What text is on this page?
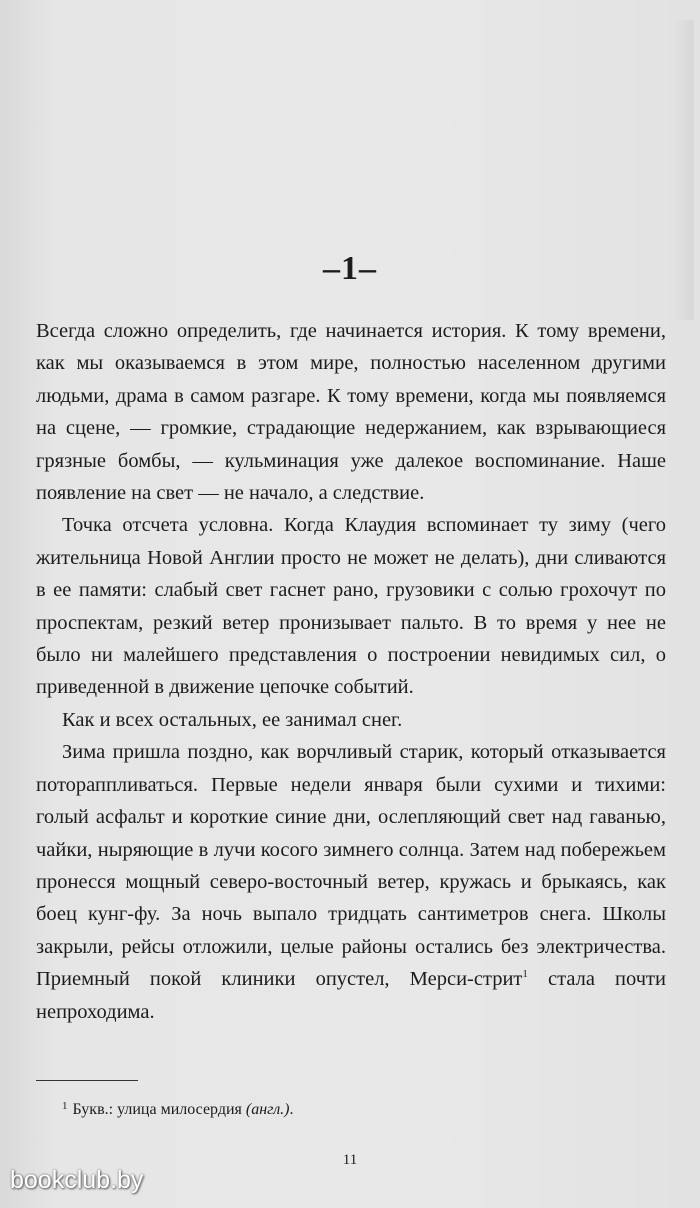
–1–

Всегда сложно определить, где начинается история. К тому времени, как мы оказываемся в этом мире, полностью населенном другими людьми, драма в самом разгаре. К тому времени, когда мы появляемся на сцене, — громкие, страдающие недержанием, как взрывающиеся грязные бомбы, — кульминация уже далекое воспоминание. Наше появление на свет — не начало, а следствие.

Точка отсчета условна. Когда Клаудия вспоминает ту зиму (чего жительница Новой Англии просто не может не делать), дни сливаются в ее памяти: слабый свет гаснет рано, грузовики с солью грохочут по проспектам, резкий ветер пронизывает пальто. В то время у нее не было ни малейшего представления о построении невидимых сил, о приведенной в движение цепочке событий.

Как и всех остальных, ее занимал снег.

Зима пришла поздно, как ворчливый старик, который отказывается потораппливаться. Первые недели января были сухими и тихими: голый асфальт и короткие синие дни, ослепляющий свет над гаванью, чайки, ныряющие в лучи косого зимнего солнца. Затем над побережьем пронесся мощный северо-восточный ветер, кружась и брыкаясь, как боец кунг-фу. За ночь выпало тридцать сантиметров снега. Школы закрыли, рейсы отложили, целые районы остались без электричества. Приемный покой клиники опустел, Мерси-стрит$^1$ стала почти непроходима.

$^1$ Букв.: улица милосердия (англ.).
11
bookclub.by
